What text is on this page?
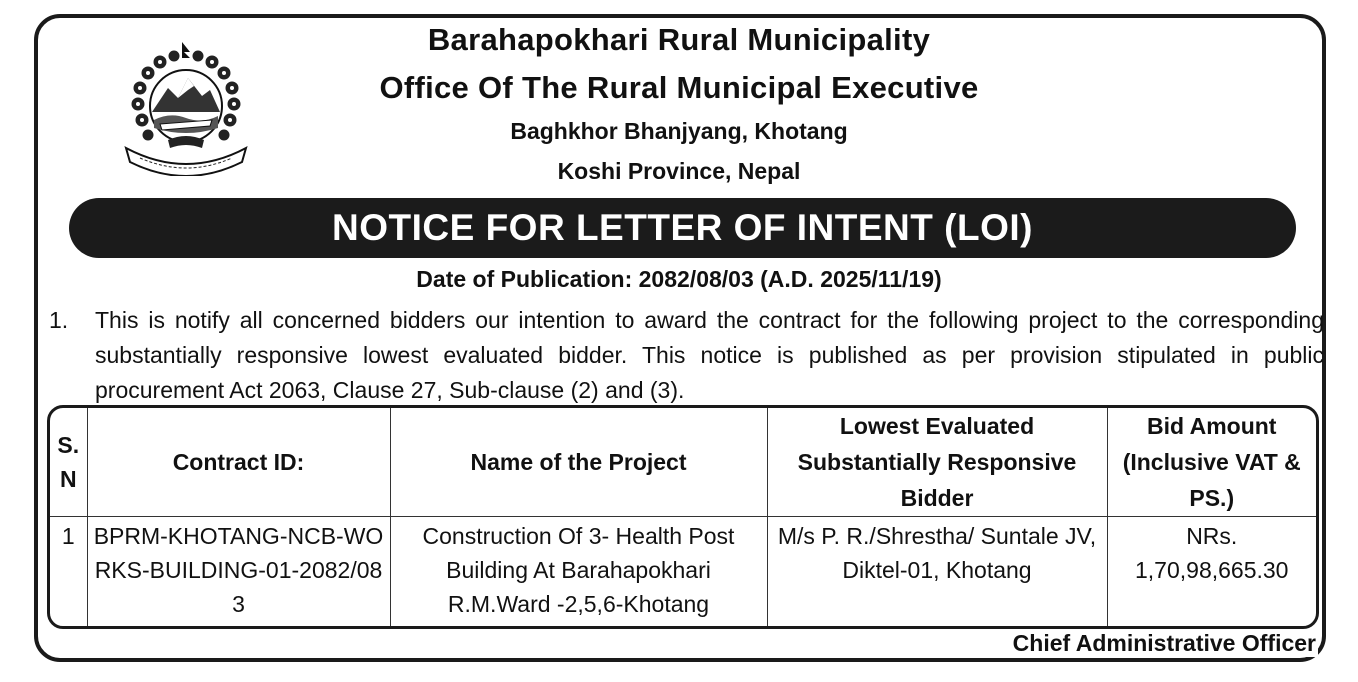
Barahapokhari Rural Municipality
Office Of The Rural Municipal Executive
Baghkhor Bhanjyang, Khotang
Koshi Province, Nepal
NOTICE FOR LETTER OF INTENT (LOI)
Date of Publication: 2082/08/03 (A.D. 2025/11/19)
1. This is notify all concerned bidders our intention to award the contract for the following project to the corresponding substantially responsive lowest evaluated bidder. This notice is published as per provision stipulated in public procurement Act 2063, Clause 27, Sub-clause (2) and (3).
S. N	Contract ID:	Name of the Project	Lowest Evaluated Substantially Responsive Bidder	Bid Amount (Inclusive VAT & PS.)
1	BPRM-KHOTANG-NCB-WORKS-BUILDING-01-2082/083	Construction Of 3- Health Post Building At Barahapokhari R.M.Ward -2,5,6-Khotang	M/s P. R./Shrestha/ Suntale JV, Diktel-01, Khotang	NRs. 1,70,98,665.30
Chief Administrative Officer
